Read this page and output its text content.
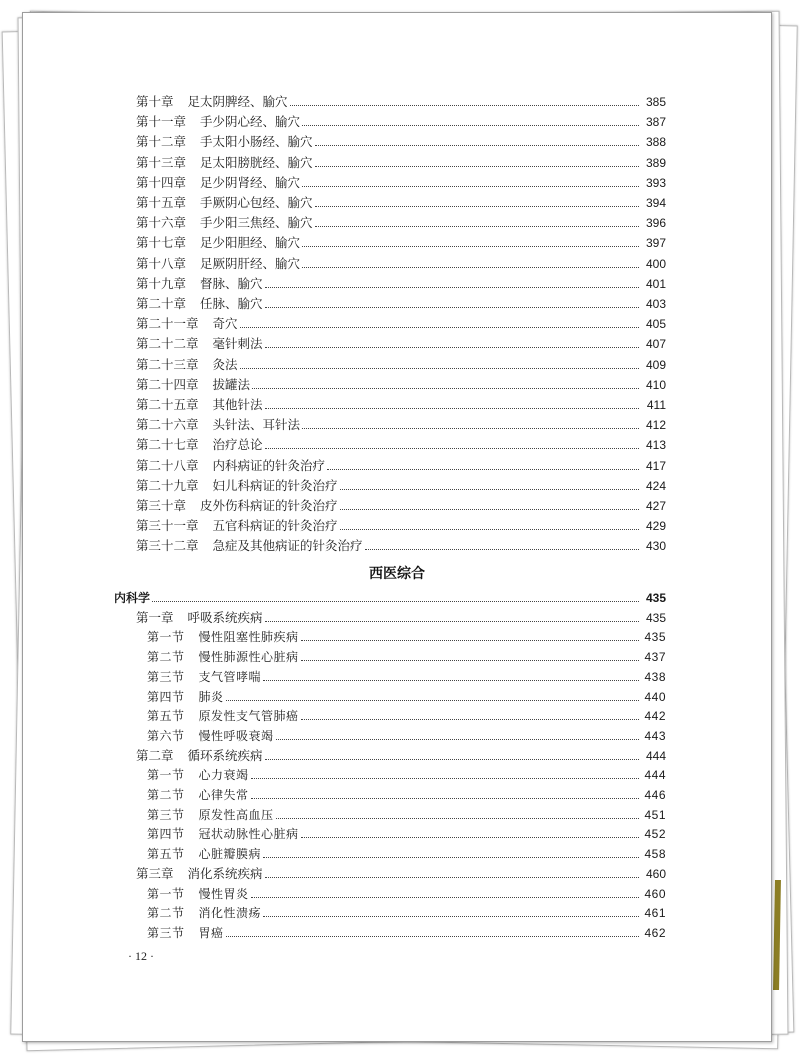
第十章 足太阴脾经、腧穴	385
第十一章 手少阴心经、腧穴	387
第十二章 手太阳小肠经、腧穴	388
第十三章 足太阳膀胱经、腧穴	389
第十四章 足少阴肾经、腧穴	393
第十五章 手厥阴心包经、腧穴	394
第十六章 手少阳三焦经、腧穴	396
第十七章 足少阳胆经、腧穴	397
第十八章 足厥阴肝经、腧穴	400
第十九章 督脉、腧穴	401
第二十章 任脉、腧穴	403
第二十一章 奇穴	405
第二十二章 毫针刺法	407
第二十三章 灸法	409
第二十四章 拔罐法	410
第二十五章 其他针法	411
第二十六章 头针法、耳针法	412
第二十七章 治疗总论	413
第二十八章 内科病证的针灸治疗	417
第二十九章 妇儿科病证的针灸治疗	424
第三十章 皮外伤科病证的针灸治疗	427
第三十一章 五官科病证的针灸治疗	429
第三十二章 急症及其他病证的针灸治疗	430
西医综合
内科学	435
第一章 呼吸系统疾病	435
第一节 慢性阻塞性肺疾病	435
第二节 慢性肺源性心脏病	437
第三节 支气管哮喘	438
第四节 肺炎	440
第五节 原发性支气管肺癌	442
第六节 慢性呼吸衰竭	443
第二章 循环系统疾病	444
第一节 心力衰竭	444
第二节 心律失常	446
第三节 原发性高血压	451
第四节 冠状动脉性心脏病	452
第五节 心脏瓣膜病	458
第三章 消化系统疾病	460
第一节 慢性胃炎	460
第二节 消化性溃疡	461
第三节 胃癌	462
· 12 ·
